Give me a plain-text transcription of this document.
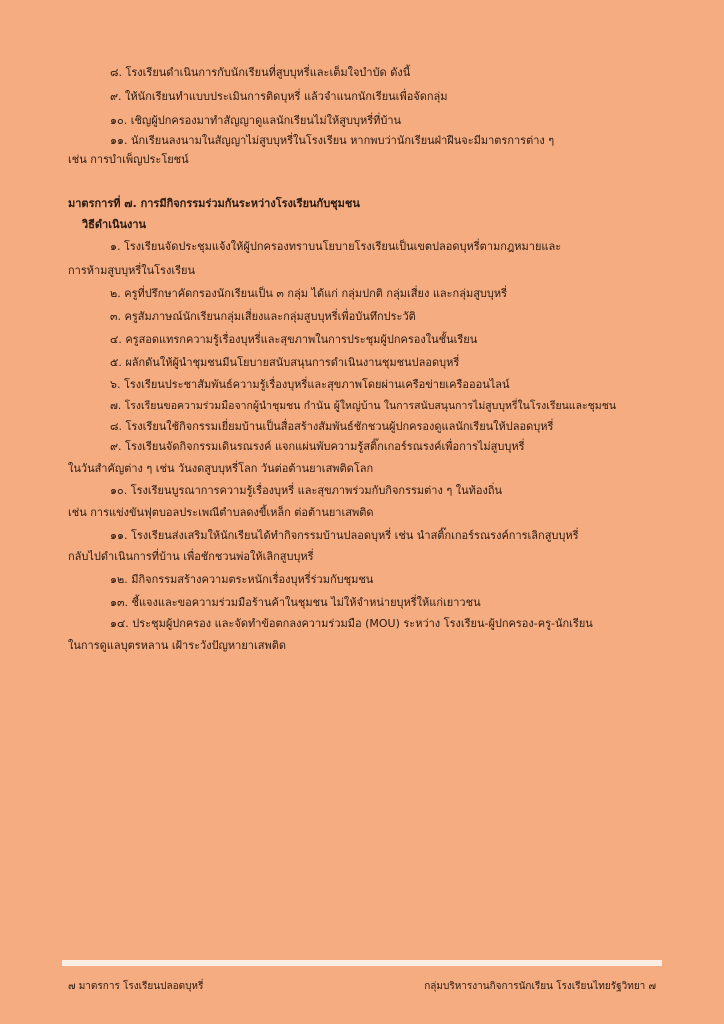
๘. โรงเรียนดำเนินการกับนักเรียนที่สูบบุหรี่และเต็มใจบำบัด ดังนี้
๙. ให้นักเรียนทำแบบประเมินการติดบุหรี่ แล้วจำแนกนักเรียนเพื่อจัดกลุ่ม
๑๐. เชิญผู้ปกครองมาทำสัญญาดูแลนักเรียนไม่ให้สูบบุหรี่ที่บ้าน
๑๑. นักเรียนลงนามในสัญญาไม่สูบบุหรี่ในโรงเรียน หากพบว่านักเรียนฝ่าฝืนจะมีมาตรการต่าง ๆ
เช่น การบำเพ็ญประโยชน์
มาตรการที่ ๗. การมีกิจกรรมร่วมกันระหว่างโรงเรียนกับชุมชน
วิธีดำเนินงาน
๑. โรงเรียนจัดประชุมแจ้งให้ผู้ปกครองทราบนโยบายโรงเรียนเป็นเขตปลอดบุหรี่ตามกฎหมายและ
การห้ามสูบบุหรี่ในโรงเรียน
๒. ครูที่ปรึกษาคัดกรองนักเรียนเป็น ๓ กลุ่ม ได้แก่ กลุ่มปกติ กลุ่มเสี่ยง และกลุ่มสูบบุหรี่
๓. ครูสัมภาษณ์นักเรียนกลุ่มเสี่ยงและกลุ่มสูบบุหรี่เพื่อบันทึกประวัติ
๔. ครูสอดแทรกความรู้เรื่องบุหรี่และสุขภาพในการประชุมผู้ปกครองในชั้นเรียน
๕. ผลักดันให้ผู้นำชุมชนมีนโยบายสนับสนุนการดำเนินงานชุมชนปลอดบุหรี่
๖. โรงเรียนประชาสัมพันธ์ความรู้เรื่องบุหรี่และสุขภาพโดยผ่านเครือข่ายเครือออนไลน์
๗. โรงเรียนขอความร่วมมือจากผู้นำชุมชน กำนัน ผู้ใหญ่บ้าน ในการสนับสนุนการไม่สูบบุหรี่ในโรงเรียนและชุมชน
๘. โรงเรียนใช้กิจกรรมเยี่ยมบ้านเป็นสื่อสร้างสัมพันธ์ชักชวนผู้ปกครองดูแลนักเรียนให้ปลอดบุหรี่
๙. โรงเรียนจัดกิจกรรมเดินรณรงค์ แจกแผ่นพับความรู้สติ๊กเกอร์รณรงค์เพื่อการไม่สูบบุหรี่
ในวันสำคัญต่าง ๆ เช่น วันงดสูบบุหรี่โลก วันต่อต้านยาเสพติดโลก
๑๐. โรงเรียนบูรณาการความรู้เรื่องบุหรี่ และสุขภาพร่วมกับกิจกรรมต่าง ๆ ในท้องถิ่น
เช่น การแข่งขันฟุตบอลประเพณีตำบลดงขี้เหล็ก ต่อต้านยาเสพติด
๑๑. โรงเรียนส่งเสริมให้นักเรียนได้ทำกิจกรรมบ้านปลอดบุหรี่ เช่น นำสติ๊กเกอร์รณรงค์การเลิกสูบบุหรี่
กลับไปดำเนินการที่บ้าน เพื่อชักชวนพ่อให้เลิกสูบบุหรี่
๑๒. มีกิจกรรมสร้างความตระหนักเรื่องบุหรี่ร่วมกับชุมชน
๑๓. ชี้แจงและขอความร่วมมือร้านค้าในชุมชน ไม่ให้จำหน่ายบุหรี่ให้แก่เยาวชน
๑๔. ประชุมผู้ปกครอง และจัดทำข้อตกลงความร่วมมือ (MOU) ระหว่าง โรงเรียน-ผู้ปกครอง-ครู-นักเรียน
ในการดูแลบุตรหลาน เฝ้าระวังปัญหายาเสพติด
๗ มาตรการ โรงเรียนปลอดบุหรี่	กลุ่มบริหารงานกิจการนักเรียน โรงเรียนไทยรัฐวิทยา ๗
